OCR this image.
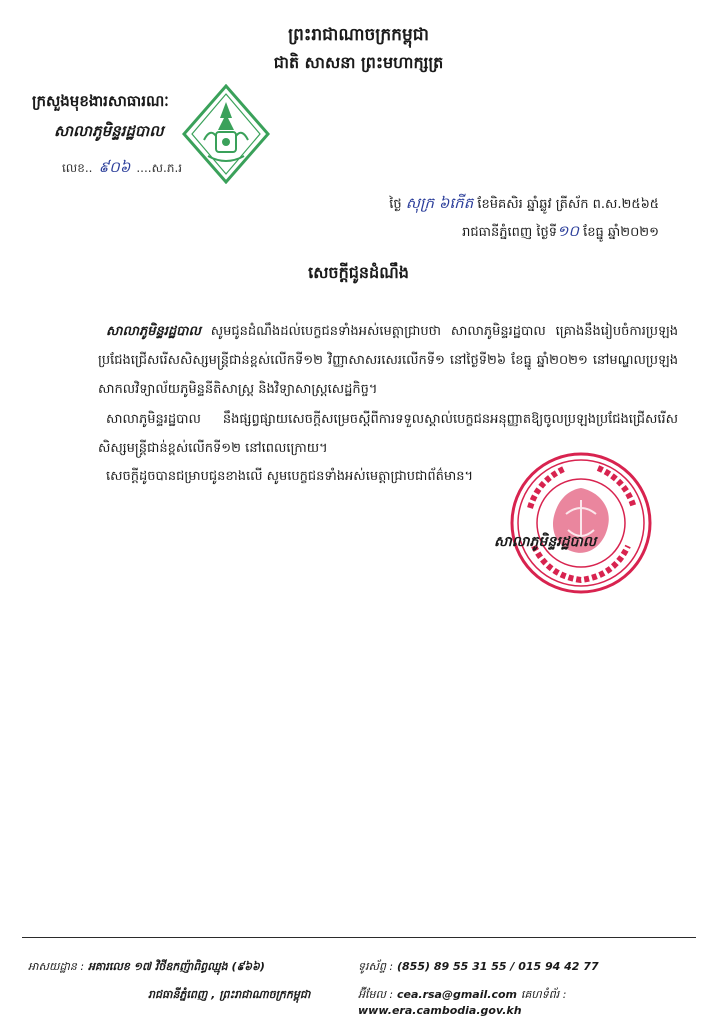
ព្រះរាជាណាចក្រកម្ពុជា
ជាតិ សាសនា ព្រះមហាក្សត្រ
ក្រសួងមុខងារសាធារណៈ
សាលាភូមិន្ទរដ្ឋបាល
លេខ.. ៩០៦ ....ស.ភ.រ
ថ្ងៃ សុក្រ ៦កើត ខែមិគសិរ ឆ្នាំឆ្លូវ ត្រីស័ក ព.ស.២៥៦៥
រាជធានីភ្នំពេញ ថ្ងៃទី១០ ខែធ្នូ ឆ្នាំ២០២១
សេចក្តីជូនដំណឹង
សាលាភូមិន្ទរដ្ឋបាល សូមជូនដំណឹងដល់បេក្ខជនទាំងអស់មេត្តាជ្រាបថា សាលាភូមិន្ទរដ្ឋបាល គ្រោងនឹងរៀបចំការប្រឡងប្រជែងជ្រើសរើសសិស្សមន្ត្រីជាន់ខ្ពស់លើកទី១២ វិញ្ញាសាសរសេរលើកទី១ នៅថ្ងៃទី២៦ ខែធ្នូ ឆ្នាំ២០២១ នៅមណ្ឌលប្រឡង សាកលវិទ្យាល័យភូមិន្ទនីតិសាស្ត្រ និងវិទ្យាសាស្ត្រសេដ្ឋកិច្ច។
សាលាភូមិន្ទរដ្ឋបាល នឹងផ្សព្វផ្សាយសេចក្តីសម្រេចស្តីពីការទទួលស្គាល់បេក្ខជនអនុញ្ញាតឱ្យចូលប្រឡងប្រជែងជ្រើសរើសសិស្សមន្ត្រីជាន់ខ្ពស់លើកទី១២ នៅពេលក្រោយ។
សេចក្តីដូចបានជម្រាបជូនខាងលើ សូមបេក្ខជនទាំងអស់មេត្តាជ្រាបជាព័ត៌មាន។
សាលាភូមិន្ទរដ្ឋបាល
អាសយដ្ឋាន : អគារលេខ ១៧ វិថីឧកញ៉ាពិព្ធឈ្មុង (៩៦៦)
រាជធានីភ្នំពេញ , ព្រះរាជាណាចក្រកម្ពុជា
ទូរស័ព្ទ : (855) 89 55 31 55 / 015 94 42 77
អ៊ីមែល : cea.rsa@gmail.com គេហទំព័រ : www.era.cambodia.gov.kh
